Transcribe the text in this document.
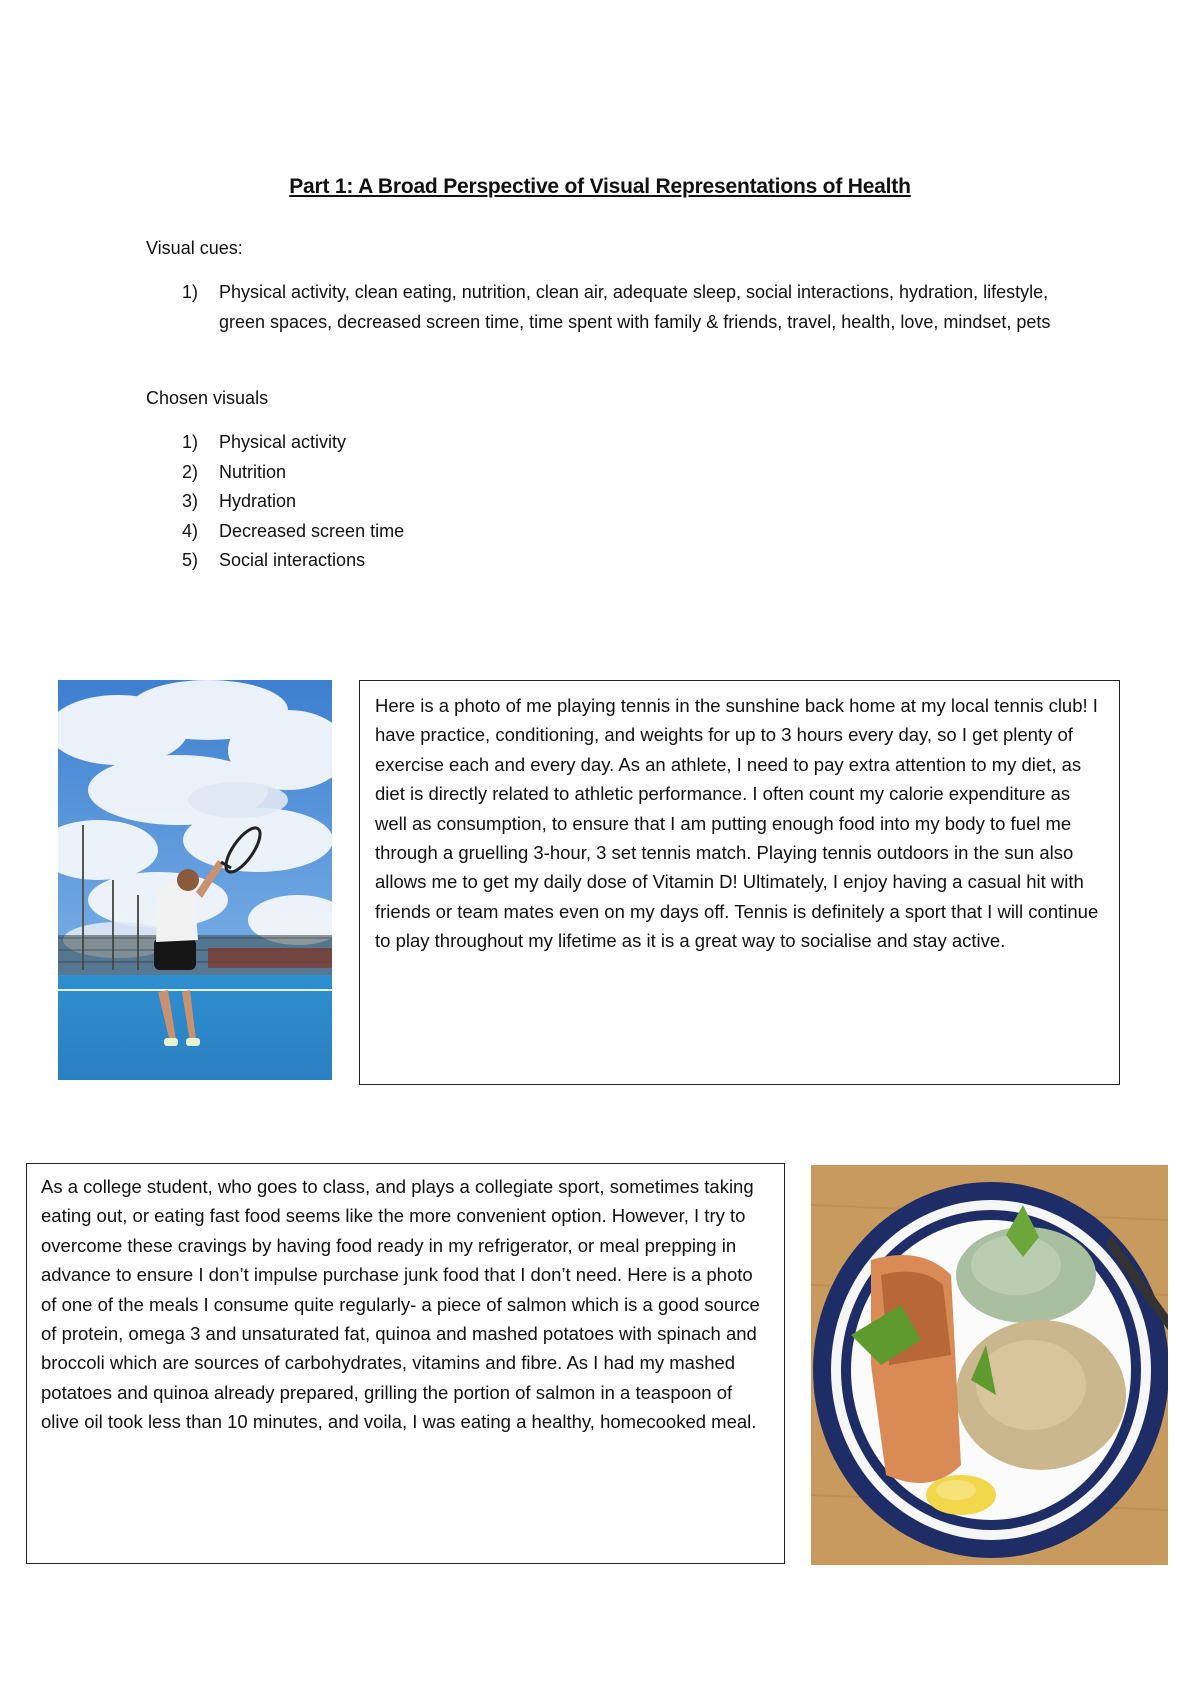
Part 1: A Broad Perspective of Visual Representations of Health
Visual cues:
1) Physical activity, clean eating, nutrition, clean air, adequate sleep, social interactions, hydration, lifestyle, green spaces, decreased screen time, time spent with family & friends, travel, health, love, mindset, pets
Chosen visuals
1) Physical activity
2) Nutrition
3) Hydration
4) Decreased screen time
5) Social interactions
Here is a photo of me playing tennis in the sunshine back home at my local tennis club! I have practice, conditioning, and weights for up to 3 hours every day, so I get plenty of exercise each and every day. As an athlete, I need to pay extra attention to my diet, as diet is directly related to athletic performance. I often count my calorie expenditure as well as consumption, to ensure that I am putting enough food into my body to fuel me through a gruelling 3-hour, 3 set tennis match. Playing tennis outdoors in the sun also allows me to get my daily dose of Vitamin D! Ultimately, I enjoy having a casual hit with friends or team mates even on my days off. Tennis is definitely a sport that I will continue to play throughout my lifetime as it is a great way to socialise and stay active.
As a college student, who goes to class, and plays a collegiate sport, sometimes taking eating out, or eating fast food seems like the more convenient option. However, I try to overcome these cravings by having food ready in my refrigerator, or meal prepping in advance to ensure I don’t impulse purchase junk food that I don’t need. Here is a photo of one of the meals I consume quite regularly- a piece of salmon which is a good source of protein, omega 3 and unsaturated fat, quinoa and mashed potatoes with spinach and broccoli which are sources of carbohydrates, vitamins and fibre. As I had my mashed potatoes and quinoa already prepared, grilling the portion of salmon in a teaspoon of olive oil took less than 10 minutes, and voila, I was eating a healthy, homecooked meal.
